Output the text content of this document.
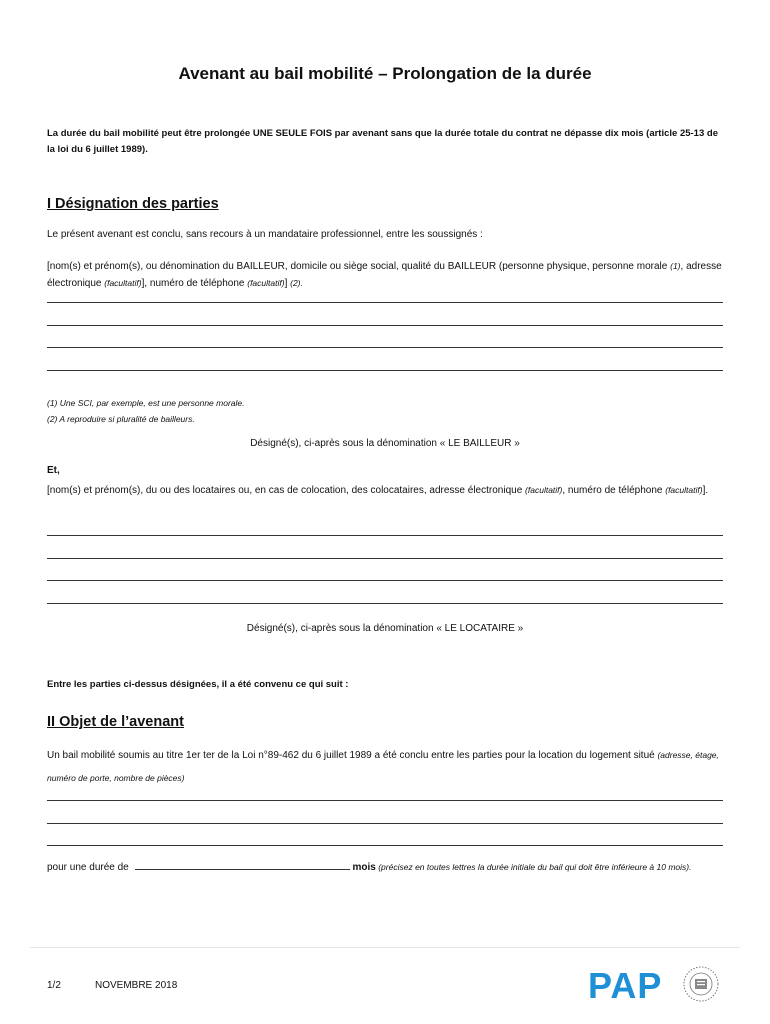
Avenant au bail mobilité – Prolongation de la durée
La durée du bail mobilité peut être prolongée UNE SEULE FOIS par avenant sans que la durée totale du contrat ne dépasse dix mois (article 25-13 de la loi du 6 juillet 1989).
I Désignation des parties
Le présent avenant est conclu, sans recours à un mandataire professionnel, entre les soussignés :
[nom(s) et prénom(s), ou dénomination du BAILLEUR, domicile ou siège social, qualité du BAILLEUR (personne physique, personne morale (1), adresse électronique (facultatif)], numéro de téléphone (facultatif)] (2).
(1) Une SCI, par exemple, est une personne morale.
(2) A reproduire si pluralité de bailleurs.
Désigné(s), ci-après sous la dénomination « LE BAILLEUR »
Et,
[nom(s) et prénom(s), du ou des locataires ou, en cas de colocation, des colocataires, adresse électronique (facultatif), numéro de téléphone (facultatif)].
Désigné(s), ci-après sous la dénomination « LE LOCATAIRE »
Entre les parties ci-dessus désignées, il a été convenu ce qui suit :
II Objet de l’avenant
Un bail mobilité soumis au titre 1er ter de la Loi n°89-462 du 6 juillet 1989 a été conclu entre les parties pour la location du logement situé (adresse, étage, numéro de porte, nombre de pièces)
pour une durée de	mois (précisez en toutes lettres la durée initiale du bail qui doit être inférieure à 10 mois).
1/2	NOVEMBRE 2018	PAP
